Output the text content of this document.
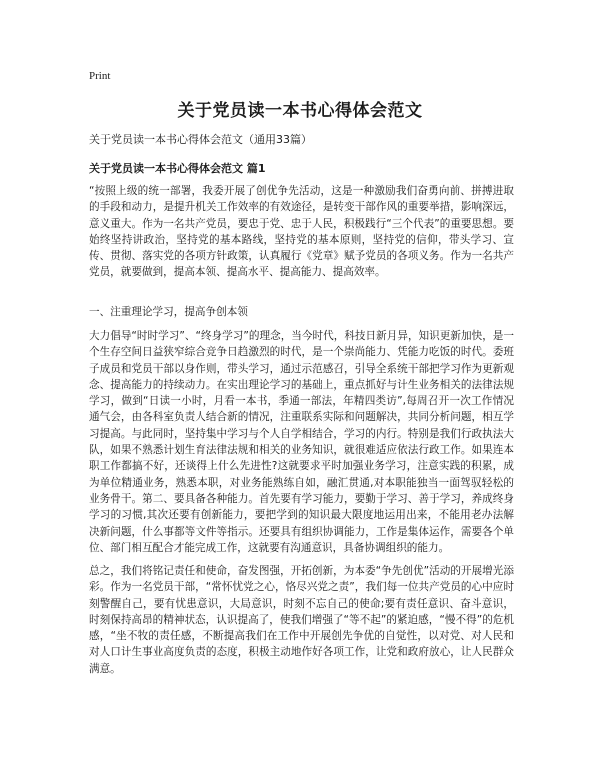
Print
关于党员读一本书心得体会范文

关于党员读一本书心得体会范文（通用33篇）

关于党员读一本书心得体会范文 篇1

“按照上级的统一部署，我委开展了创优争先活动，这是一种激励我们奋勇向前、拼搏进取的手段和动力，是提升机关工作效率的有效途径，是转变干部作风的重要举措，影响深远，意义重大。作为一名共产党员，要忠于党、忠于人民，积极践行“三个代表”的重要思想。要始终坚持讲政治，坚持党的基本路线，坚持党的基本原则，坚持党的信仰，带头学习、宣传、贯彻、落实党的各项方针政策，认真履行《党章》赋予党员的各项义务。作为一名共产党员，就要做到，提高本领、提高水平、提高能力、提高效率。

一、注重理论学习，提高争创本领

大力倡导“时时学习”、“终身学习”的理念，当今时代，科技日新月异，知识更新加快，是一个生存空间日益狭窄综合竞争日趋激烈的时代，是一个崇尚能力、凭能力吃饭的时代。委班子成员和党员干部以身作则，带头学习，通过示范感召，引导全系统干部把学习作为更新观念、提高能力的持续动力。在实出理论学习的基础上，重点抓好与计生业务相关的法律法规学习，做到“日读一小时，月看一本书，季通一部法，年精四类访”,每周召开一次工作情况通气会，由各科室负责人结合新的情况，注重联系实际和问题解决，共同分析问题，相互学习提高。与此同时，坚持集中学习与个人自学相结合，学习的内行。特别是我们行政执法大队，如果不熟悉计划生育法律法规和相关的业务知识，就很难适应依法行政工作。如果连本职工作都搞不好，还谈得上什么先进性?这就要求平时加强业务学习，注意实践的积累，成为单位精通业务，熟悉本职，对业务能熟练自如，融汇贯通,对本职能独当一面驾驭轻松的业务骨干。第二、要具备各种能力。首先要有学习能力，要勤于学习、善于学习，养成终身学习的习惯,其次还要有创新能力，要把学到的知识最大限度地运用出来，不能用老办法解决新问题，什么事都等文件等指示。还要具有组织协调能力，工作是集体运作，需要各个单位、部门相互配合才能完成工作，这就要有沟通意识，具备协调组织的能力。

总之，我们将铭记责任和使命，奋发图强，开拓创新，为本委“争先创优”活动的开展增光添彩。作为一名党员干部，“常怀忧党之心，恪尽兴党之责”，我们每一位共产党员的心中应时刻警醒自己，要有忧患意识，大局意识，时刻不忘自己的使命;要有责任意识、奋斗意识，时刻保持高昂的精神状态，认识提高了，使我们增强了“等不起”的紧迫感，“慢不得”的危机感，“坐不牧的责任感，不断提高我们在工作中开展创先争优的自觉性，以对党、对人民和对人口计生事业高度负责的态度，积极主动地作好各项工作，让党和政府放心，让人民群众满意。
